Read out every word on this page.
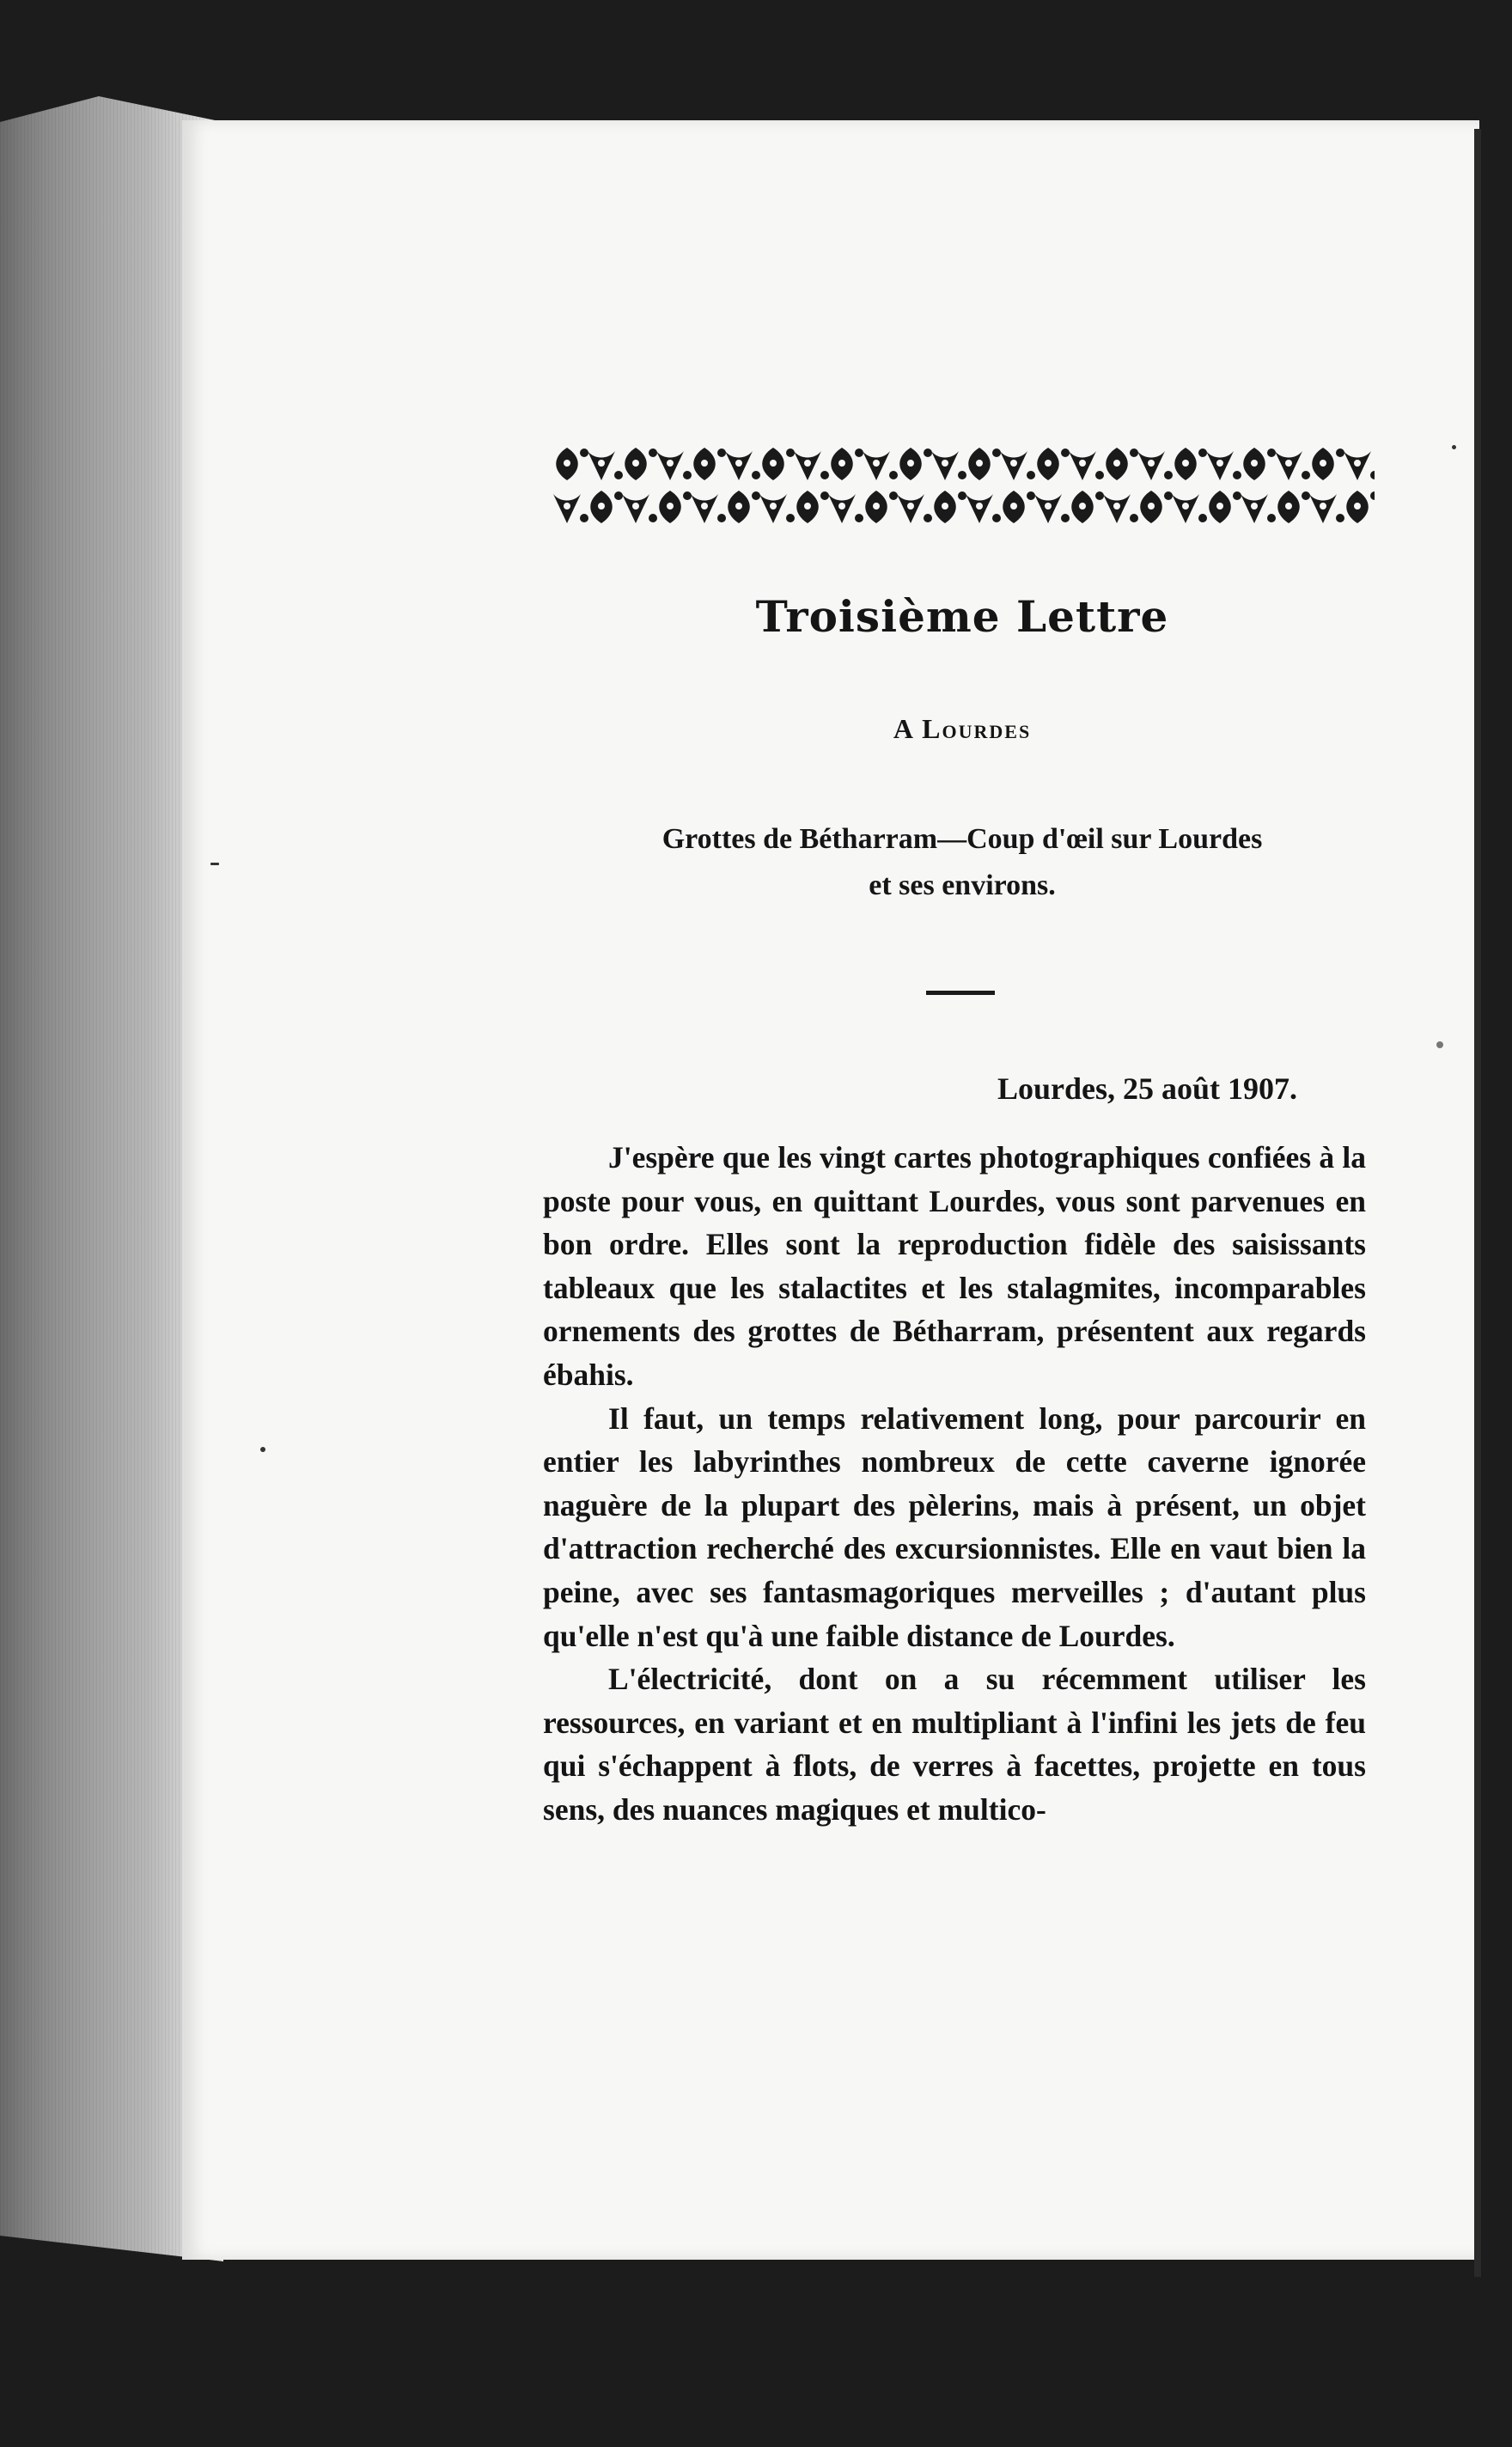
Troisième Lettre

A Lourdes

Grottes de Bétharram—Coup d'œil sur Lourdes
et ses environs.

Lourdes, 25 août 1907.

J'espère que les vingt cartes photographiques confiées à la poste pour vous, en quittant Lourdes, vous sont parvenues en bon ordre. Elles sont la reproduction fidèle des saisissants tableaux que les stalactites et les stalagmites, incomparables ornements des grottes de Bétharram, présentent aux regards ébahis.

Il faut, un temps relativement long, pour parcourir en entier les labyrinthes nombreux de cette caverne ignorée naguère de la plupart des pèlerins, mais à présent, un objet d'attraction recherché des excursionnistes. Elle en vaut bien la peine, avec ses fantasmagoriques merveilles ; d'autant plus qu'elle n'est qu'à une faible distance de Lourdes.

L'électricité, dont on a su récemment utiliser les ressources, en variant et en multipliant à l'infini les jets de feu qui s'échappent à flots, de verres à facettes, projette en tous sens, des nuances magiques et multico-
